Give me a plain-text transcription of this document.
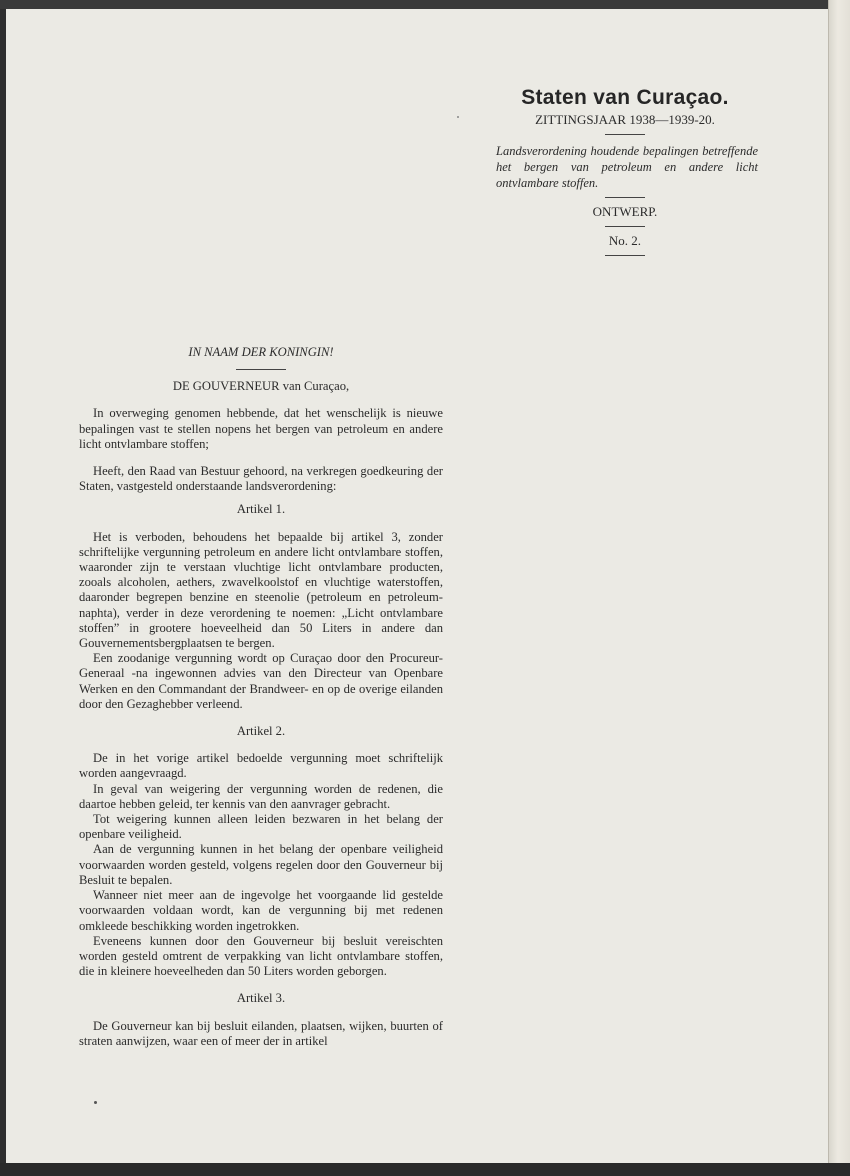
Staten van Curaçao.
ZITTINGSJAAR 1938—1939-20.
Landsverordening houdende bepalingen betreffende het bergen van petroleum en andere licht ontvlambare stoffen.
ONTWERP.
No. 2.
IN NAAM DER KONINGIN!
DE GOUVERNEUR van Curaçao,

In overweging genomen hebbende, dat het wenschelijk is nieuwe bepalingen vast te stellen nopens het bergen van petroleum en andere licht ontvlambare stoffen;

Heeft, den Raad van Bestuur gehoord, na verkregen goedkeuring der Staten, vastgesteld onderstaande landsverordening:

Artikel 1.

Het is verboden, behoudens het bepaalde bij artikel 3, zonder schriftelijke vergunning petroleum en andere licht ontvlambare stoffen, waaronder zijn te verstaan vluchtige licht ontvlambare producten, zooals alcoholen, aethers, zwavelkoolstof en vluchtige waterstoffen, daaronder begrepen benzine en steenolie (petroleum en petroleum-naphta), verder in deze verordening te noemen: „Licht ontvlambare stoffen” in grootere hoeveelheid dan 50 Liters in andere dan Gouvernementsbergplaatsen te bergen.

Een zoodanige vergunning wordt op Curaçao door den Procureur-Generaal -na ingewonnen advies van den Directeur van Openbare Werken en den Commandant der Brandweer- en op de overige eilanden door den Gezaghebber verleend.

Artikel 2.

De in het vorige artikel bedoelde vergunning moet schriftelijk worden aangevraagd.

In geval van weigering der vergunning worden de redenen, die daartoe hebben geleid, ter kennis van den aanvrager gebracht.

Tot weigering kunnen alleen leiden bezwaren in het belang der openbare veiligheid.

Aan de vergunning kunnen in het belang der openbare veiligheid voorwaarden worden gesteld, volgens regelen door den Gouverneur bij Besluit te bepalen.

Wanneer niet meer aan de ingevolge het voorgaande lid gestelde voorwaarden voldaan wordt, kan de vergunning bij met redenen omkleede beschikking worden ingetrokken.

Eveneens kunnen door den Gouverneur bij besluit vereischten worden gesteld omtrent de verpakking van licht ontvlambare stoffen, die in kleinere hoeveelheden dan 50 Liters worden geborgen.

Artikel 3.

De Gouverneur kan bij besluit eilanden, plaatsen, wijken, buurten of straten aanwijzen, waar een of meer der in artikel
